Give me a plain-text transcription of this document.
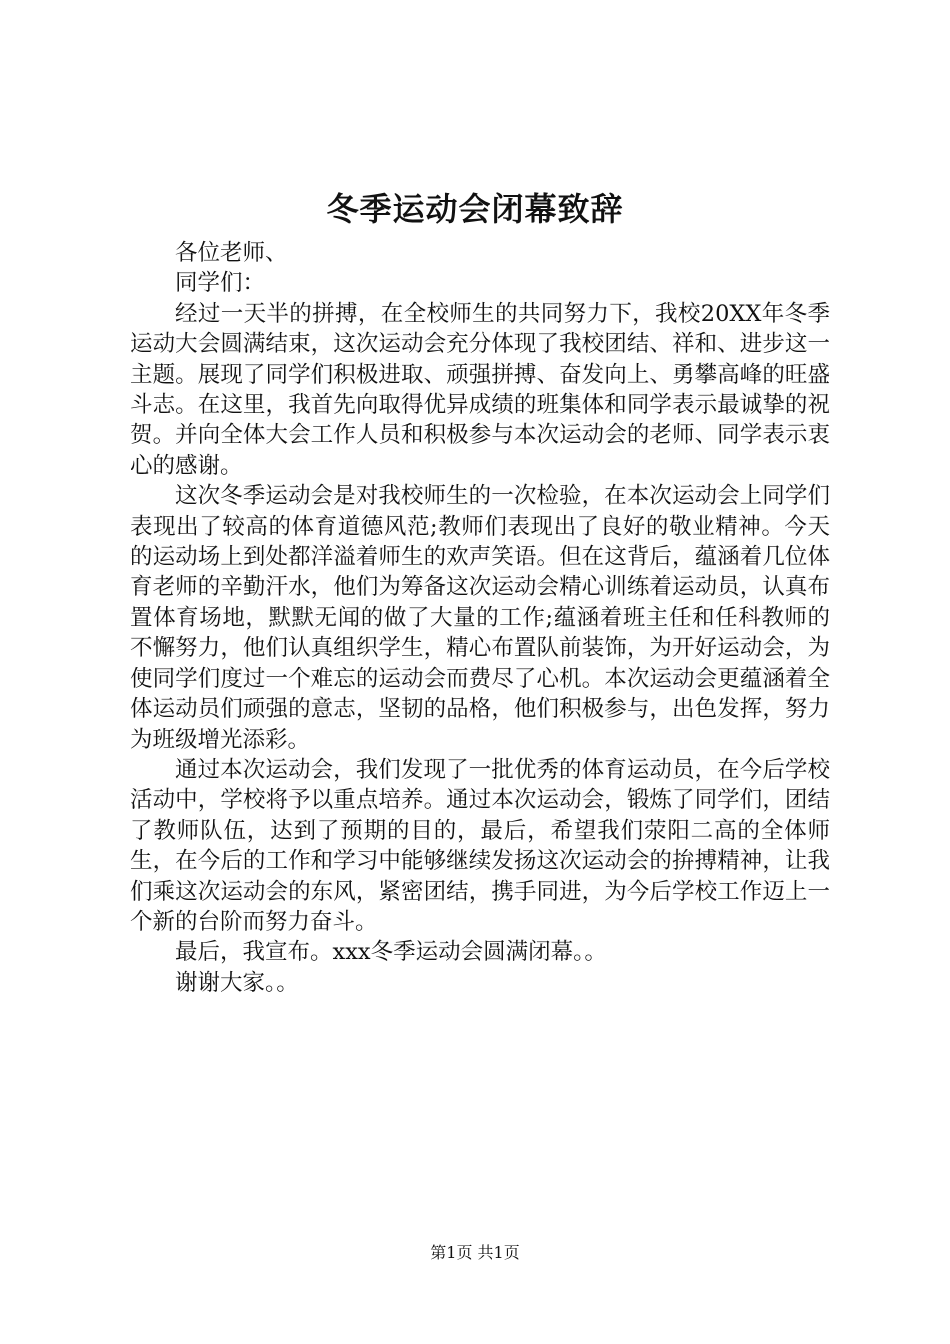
冬季运动会闭幕致辞

各位老师、

同学们：

经过一天半的拼搏，在全校师生的共同努力下，我校20XX年冬季运动大会圆满结束，这次运动会充分体现了我校团结、祥和、进步这一主题。展现了同学们积极进取、顽强拼搏、奋发向上、勇攀高峰的旺盛斗志。在这里，我首先向取得优异成绩的班集体和同学表示最诚挚的祝贺。并向全体大会工作人员和积极参与本次运动会的老师、同学表示衷心的感谢。

这次冬季运动会是对我校师生的一次检验，在本次运动会上同学们表现出了较高的体育道德风范;教师们表现出了良好的敬业精神。今天的运动场上到处都洋溢着师生的欢声笑语。但在这背后，蕴涵着几位体育老师的辛勤汗水，他们为筹备这次运动会精心训练着运动员，认真布置体育场地，默默无闻的做了大量的工作;蕴涵着班主任和任科教师的不懈努力，他们认真组织学生，精心布置队前装饰，为开好运动会，为使同学们度过一个难忘的运动会而费尽了心机。本次运动会更蕴涵着全体运动员们顽强的意志，坚韧的品格，他们积极参与，出色发挥，努力为班级增光添彩。

通过本次运动会，我们发现了一批优秀的体育运动员，在今后学校活动中，学校将予以重点培养。通过本次运动会，锻炼了同学们，团结了教师队伍，达到了预期的目的，最后，希望我们荥阳二高的全体师生，在今后的工作和学习中能够继续发扬这次运动会的拚搏精神，让我们乘这次运动会的东风，紧密团结，携手同进，为今后学校工作迈上一个新的台阶而努力奋斗。

最后，我宣布。xxx冬季运动会圆满闭幕。。

谢谢大家。。

第1页 共1页
